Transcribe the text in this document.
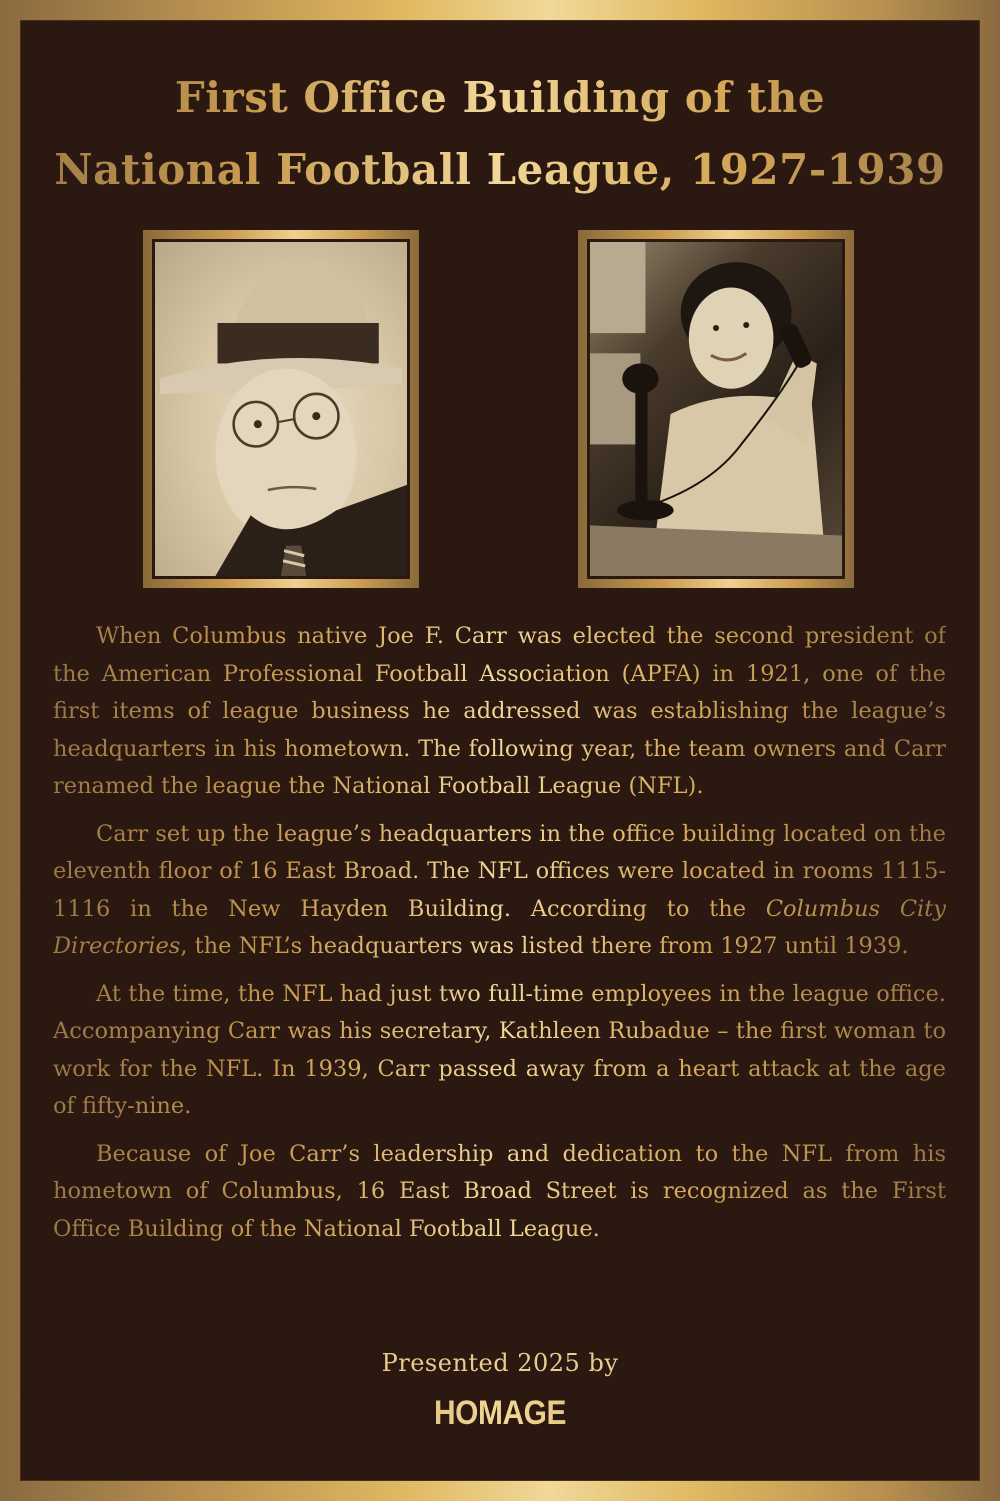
First Office Building of the
National Football League, 1927-1939

When Columbus native Joe F. Carr was elected the second president of the American Professional Football Association (APFA) in 1921, one of the first items of league business he addressed was establishing the league’s headquarters in his hometown. The following year, the team owners and Carr renamed the league the National Football League (NFL).

Carr set up the league’s headquarters in the office building located on the eleventh floor of 16 East Broad. The NFL offices were located in rooms 1115-1116 in the New Hayden Building. According to the Columbus City Directories, the NFL’s headquarters was listed there from 1927 until 1939.

At the time, the NFL had just two full-time employees in the league office. Accompanying Carr was his secretary, Kathleen Rubadue – the first woman to work for the NFL. In 1939, Carr passed away from a heart attack at the age of fifty-nine.

Because of Joe Carr’s leadership and dedication to the NFL from his hometown of Columbus, 16 East Broad Street is recognized as the First Office Building of the National Football League.

Presented 2025 by
HOMAGE
